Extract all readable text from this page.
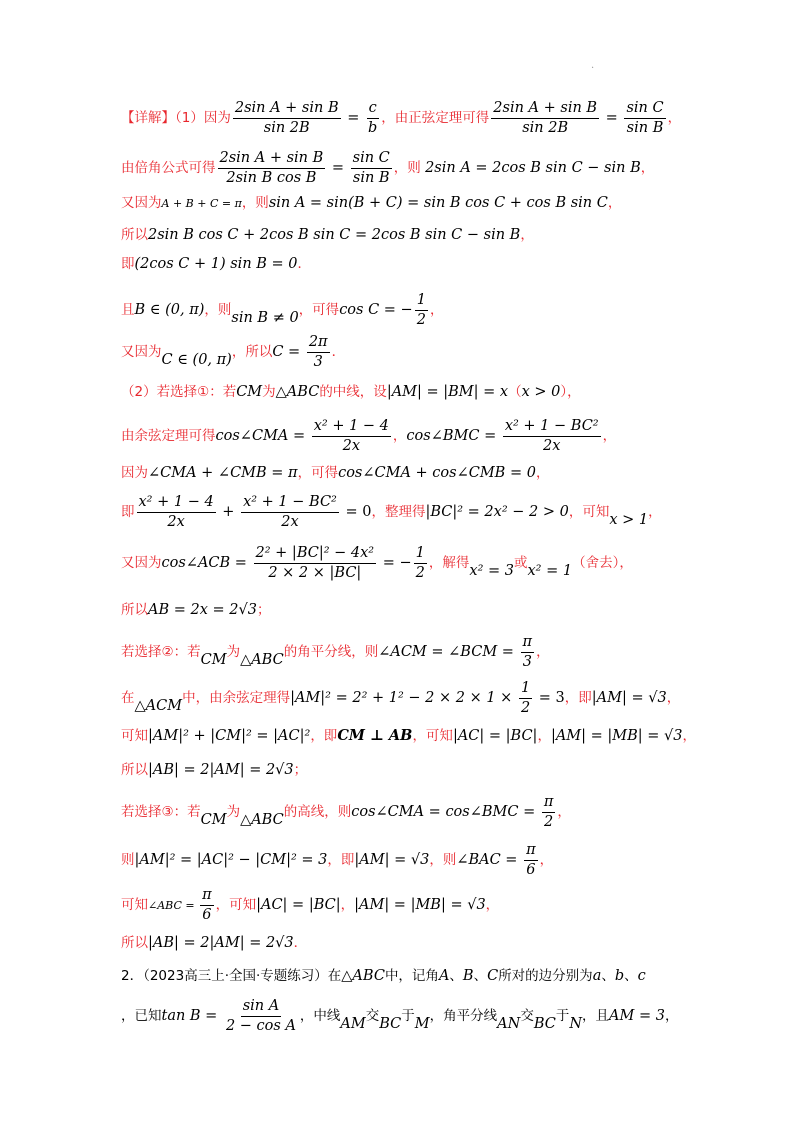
.
【详解】（1）因为 $\frac{\text{2sin A + sin B}}{\sin 2B} = \frac{c}{b}$ ，由正弦定理可得 $\frac{\text{2sin A + sin B}}{\sin 2B} = \frac{\text{sin C}}{\text{sin B}}$ ，
由倍角公式可得 $\frac{\text{2sin A + sin B}}{\text{2sin B cos B}} = \frac{\text{sin C}}{\text{sin B}}$ ，则 2sin A = 2cos B sin C − sin B，
又因为A + B + C = π，则sin A = sin(B + C) = sin B cos C + cos B sin C，
所以2sin B cos C + 2cos B sin C = 2cos B sin C − sin B，
即(2cos C + 1) sin B = 0．
且B ∈ (0, π)，则sin B ≠ 0，可得cos C = − $\frac{1}{2}$ ，
又因为C ∈ (0, π)，所以$C = \frac{2\pi}{3}$ ．
（2）若选择①：若CM为△ABC的中线，设|AM| = |BM| = x（x > 0），
由余弦定理可得cos∠CMA = $\frac{\text{x² + 1 − 4}}{2x}$ ，cos∠BMC = $\frac{\text{x² + 1 − BC²}}{2x}$ ，
因为∠CMA + ∠CMB = π，可得cos∠CMA + cos∠CMB = 0，
即 $\frac{\text{x² + 1 − 4}}{2x} + \frac{\text{x² + 1 − BC²}}{2x} = 0$，整理得|BC|² = 2x² − 2 > 0，可知x > 1，
又因为cos∠ACB = $\frac{\text{2² + |BC|² − 4x²}}{2 \times 2 \times |BC|}$ = − $\frac{1}{2}$ ，解得x² = 3或x² = 1（舍去），
所以AB = 2x = 2√3；
若选择②：若CM为△ABC的角平分线，则∠ACM = ∠BCM = $\frac{\pi}{3}$ ，
在△ACM中，由余弦定理得$|AM|^2 = 2^2 + 1^2 - 2 \times 2 \times 1 \times \frac{1}{2} = 3$，即|AM| = √3，
可知|AM|² + |CM|² = |AC|²，即CM ⊥ AB，可知|AC| = |BC|，|AM| = |MB| = √3，
所以|AB| = 2|AM| = 2√3；
若选择③：若CM为△ABC的高线，则cos∠CMA = cos∠BMC = $\frac{\pi}{2}$ ，
则|AM|² = |AC|² − |CM|² = 3，即|AM| = √3，则∠BAC = $\frac{\pi}{6}$ ，
可知∠ABC = $\frac{\pi}{6}$ ，可知|AC| = |BC|，|AM| = |MB| = √3，
所以|AB| = 2|AM| = 2√3．
2．（2023高三上·全国·专题练习）在△ABC中，记角A、B、C所对的边分别为a、b、c
，已知$\tan B = \frac{\text{sin A}}{\text{2 − cos A}}$ ，中线AM交BC于M，角平分线AN交BC于N，且AM = 3，
